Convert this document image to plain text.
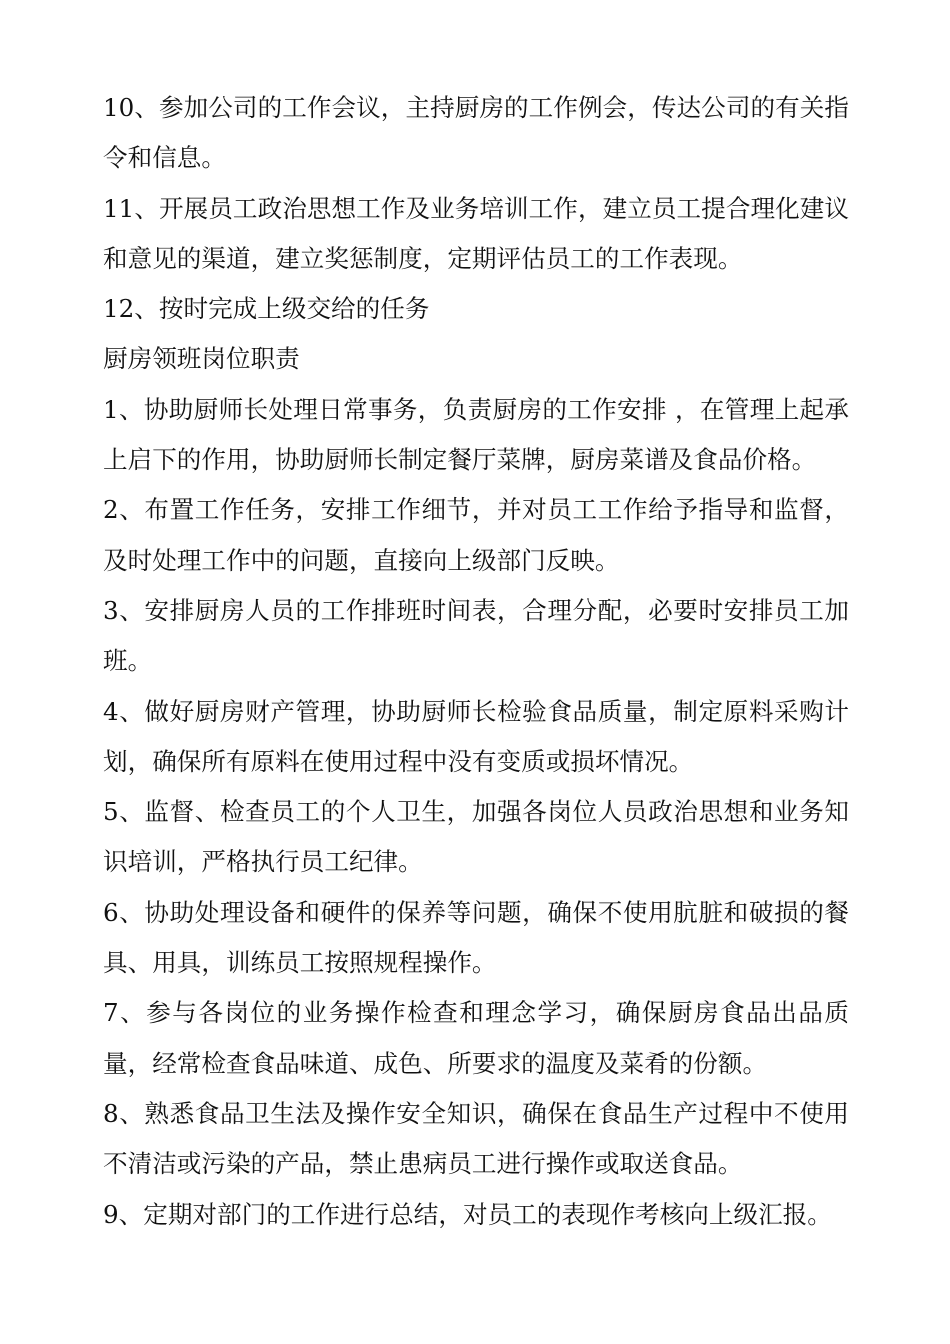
10、参加公司的工作会议，主持厨房的工作例会，传达公司的有关指令和信息。

11、开展员工政治思想工作及业务培训工作，建立员工提合理化建议和意见的渠道，建立奖惩制度，定期评估员工的工作表现。

12、按时完成上级交给的任务

厨房领班岗位职责

1、协助厨师长处理日常事务，负责厨房的工作安排 ，在管理上起承上启下的作用，协助厨师长制定餐厅菜牌，厨房菜谱及食品价格。

2、布置工作任务，安排工作细节，并对员工工作给予指导和监督，及时处理工作中的问题，直接向上级部门反映。

3、安排厨房人员的工作排班时间表，合理分配，必要时安排员工加班。

4、做好厨房财产管理，协助厨师长检验食品质量，制定原料采购计划，确保所有原料在使用过程中没有变质或损坏情况。

5、监督、检查员工的个人卫生，加强各岗位人员政治思想和业务知识培训，严格执行员工纪律。

6、协助处理设备和硬件的保养等问题，确保不使用肮脏和破损的餐具、用具，训练员工按照规程操作。

7、参与各岗位的业务操作检查和理念学习，确保厨房食品出品质量，经常检查食品味道、成色、所要求的温度及菜肴的份额。

8、熟悉食品卫生法及操作安全知识，确保在食品生产过程中不使用不清洁或污染的产品，禁止患病员工进行操作或取送食品。

9、定期对部门的工作进行总结，对员工的表现作考核向上级汇报。
